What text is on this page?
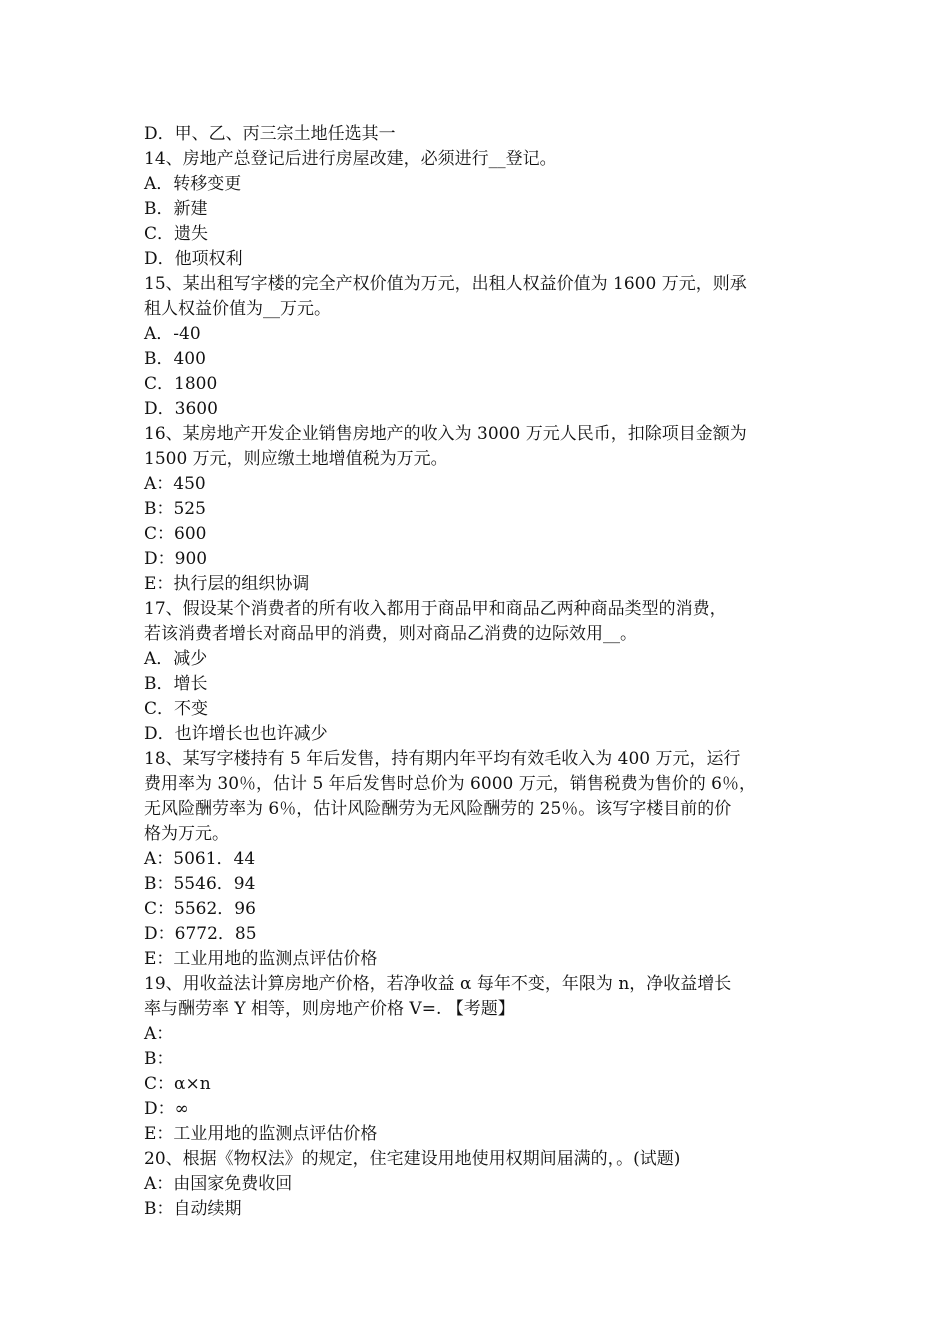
D．甲、乙、丙三宗土地任选其一
14、房地产总登记后进行房屋改建，必须进行__登记。
A．转移变更
B．新建
C．遗失
D．他项权利
15、某出租写字楼的完全产权价值为万元，出租人权益价值为 1600 万元，则承
租人权益价值为__万元。
A．-40
B．400
C．1800
D．3600
16、某房地产开发企业销售房地产的收入为 3000 万元人民币，扣除项目金额为
1500 万元，则应缴土地增值税为万元。
A：450
B：525
C：600
D：900
E：执行层的组织协调
17、假设某个消费者的所有收入都用于商品甲和商品乙两种商品类型的消费，
若该消费者增长对商品甲的消费，则对商品乙消费的边际效用__。
A．减少
B．增长
C．不变
D．也许增长也也许减少
18、某写字楼持有 5 年后发售，持有期内年平均有效毛收入为 400 万元，运行
费用率为 30％，估计 5 年后发售时总价为 6000 万元，销售税费为售价的 6％，
无风险酬劳率为 6％，估计风险酬劳为无风险酬劳的 25％。该写字楼目前的价
格为万元。
A：5061．44
B：5546．94
C：5562．96
D：6772．85
E：工业用地的监测点评估价格
19、用收益法计算房地产价格，若净收益 α 每年不变，年限为 n，净收益增长
率与酬劳率 Y 相等，则房地产价格 V=. 【考题】
A：
B：
C：α×n
D：∞
E：工业用地的监测点评估价格
20、根据《物权法》的规定，住宅建设用地使用权期间届满的，。(试题)
A：由国家免费收回
B：自动续期
